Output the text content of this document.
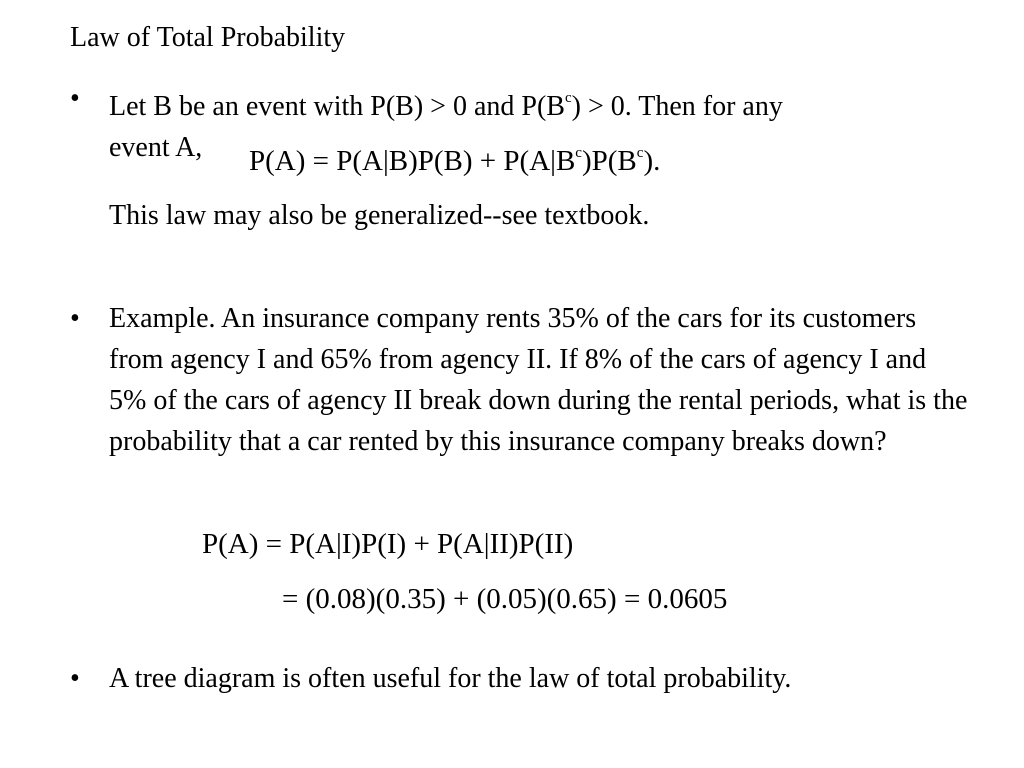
Law of Total Probability
•	Let B be an event with P(B) > 0 and $P(B^c) > 0$. Then for any
event A,	$P(A) = P(A|B)P(B) + P(A|B^c)P(B^c)$.
This law may also be generalized--see textbook.
•	Example. An insurance company rents 35% of the cars for its customers from agency I and 65% from agency II. If 8% of the cars of agency I and 5% of the cars of agency II break down during the rental periods, what is the probability that a car rented by this insurance company breaks down?
P(A) = P(A|I)P(I) + P(A|II)P(II)
= (0.08)(0.35) + (0.05)(0.65) = 0.0605
•	A tree diagram is often useful for the law of total probability.
